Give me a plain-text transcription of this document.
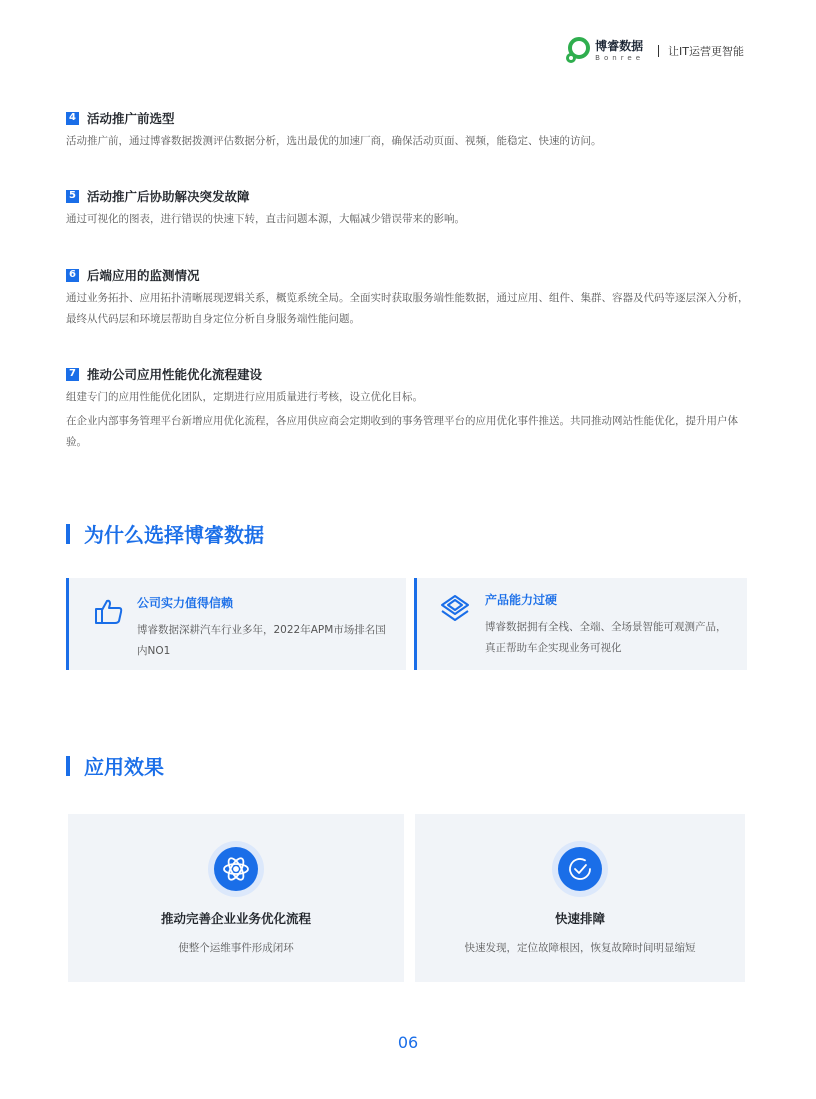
博睿数据
Bonree 让IT运营更智能
4 活动推广前选型
活动推广前，通过博睿数据拨测评估数据分析，选出最优的加速厂商，确保活动页面、视频，能稳定、快速的访问。
5 活动推广后协助解决突发故障
通过可视化的图表，进行错误的快速下转，直击问题本源，大幅减少错误带来的影响。
6 后端应用的监测情况
通过业务拓扑、应用拓扑清晰展现逻辑关系，概览系统全局。全面实时获取服务端性能数据，通过应用、组件、集群、容器及代码等逐层深入分析，最终从代码层和环境层帮助自身定位分析自身服务端性能问题。
7 推动公司应用性能优化流程建设
组建专门的应用性能优化团队，定期进行应用质量进行考核，设立优化目标。
在企业内部事务管理平台新增应用优化流程，各应用供应商会定期收到的事务管理平台的应用优化事件推送。共同推动网站性能优化，提升用户体验。
为什么选择博睿数据
公司实力值得信赖
博睿数据深耕汽车行业多年，2022年APM市场排名国内NO1
产品能力过硬
博睿数据拥有全栈、全端、全场景智能可观测产品，真正帮助车企实现业务可视化
应用效果
推动完善企业业务优化流程
使整个运维事件形成闭环
快速排障
快速发现，定位故障根因，恢复故障时间明显缩短
06
